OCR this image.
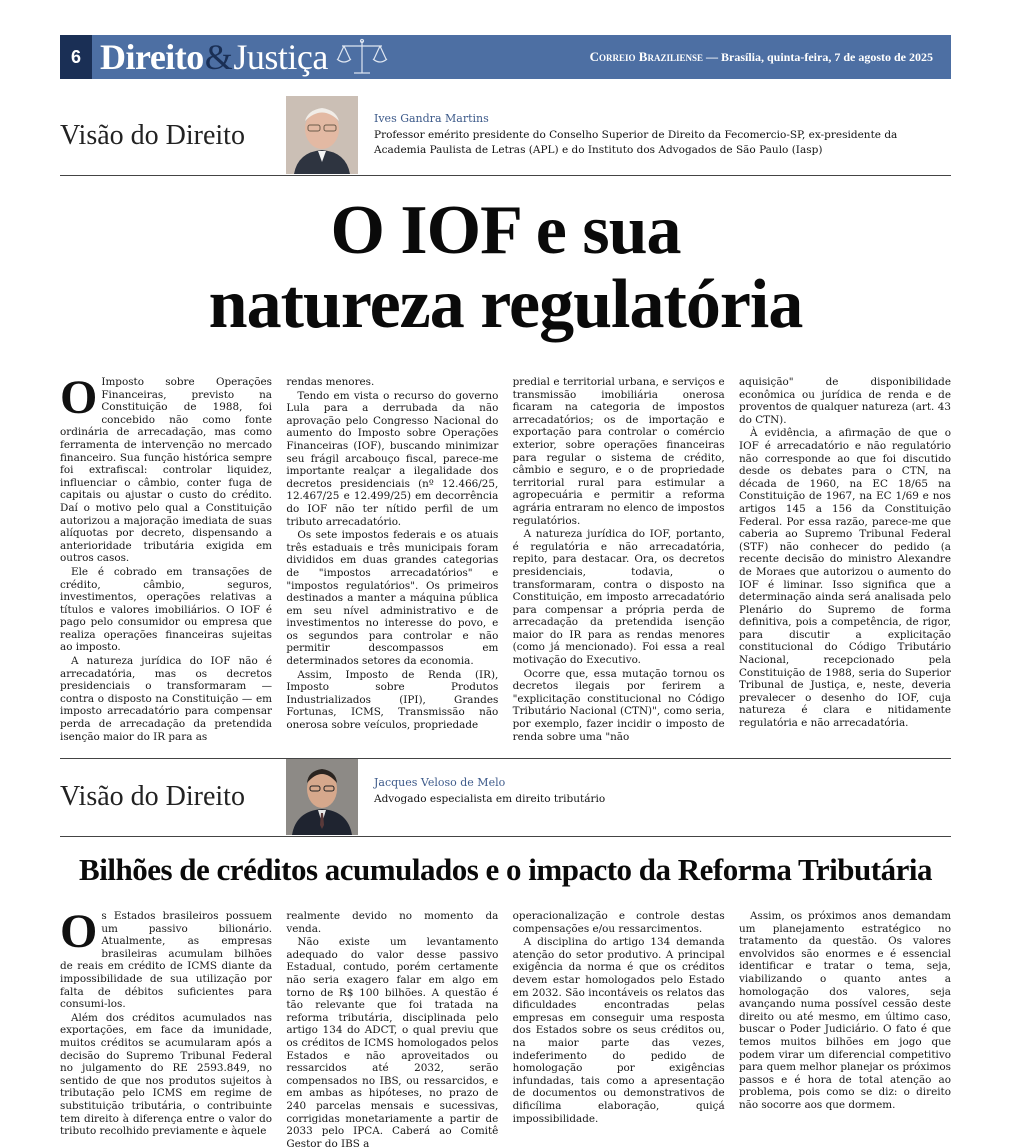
6 Direito & Justiça	Correio Braziliense — Brasília, quinta-feira, 7 de agosto de 2025
Visão do Direito
Ives Gandra Martins
Professor emérito presidente do Conselho Superior de Direito da Fecomercio-SP, ex-presidente da
Academia Paulista de Letras (APL) e do Instituto dos Advogados de São Paulo (Iasp)
O IOF e sua
natureza regulatória

O Imposto sobre Operações Financeiras, previsto na Constituição de 1988, foi concebido não como fonte ordinária de arrecadação, mas como ferramenta de intervenção no mercado financeiro. Sua função histórica sempre foi extrafiscal: controlar liquidez, influenciar o câmbio, conter fuga de capitais ou ajustar o custo do crédito. Daí o motivo pelo qual a Constituição autorizou a majoração imediata de suas alíquotas por decreto, dispensando a anterioridade tributária exigida em outros casos.

Ele é cobrado em transações de crédito, câmbio, seguros, investimentos, operações relativas a títulos e valores imobiliários. O IOF é pago pelo consumidor ou empresa que realiza operações financeiras sujeitas ao imposto.

A natureza jurídica do IOF não é arrecadatória, mas os decretos presidenciais o transformaram — contra o disposto na Constituição — em imposto arrecadatório para compensar perda de arrecadação da pretendida isenção maior do IR para as

rendas menores.

Tendo em vista o recurso do governo Lula para a derrubada da não aprovação pelo Congresso Nacional do aumento do Imposto sobre Operações Financeiras (IOF), buscando minimizar seu frágil arcabouço fiscal, parece-me importante realçar a ilegalidade dos decretos presidenciais (nº 12.466/25, 12.467/25 e 12.499/25) em decorrência do IOF não ter nítido perfil de um tributo arrecadatório.

Os sete impostos federais e os atuais três estaduais e três municipais foram divididos em duas grandes categorias de "impostos arrecadatórios" e "impostos regulatórios". Os primeiros destinados a manter a máquina pública em seu nível administrativo e de investimentos no interesse do povo, e os segundos para controlar e não permitir descompassos em determinados setores da economia.

Assim, Imposto de Renda (IR), Imposto sobre Produtos Industrializados (IPI), Grandes Fortunas, ICMS, Transmissão não onerosa sobre veículos, propriedade

predial e territorial urbana, e serviços e transmissão imobiliária onerosa ficaram na categoria de impostos arrecadatórios; os de importação e exportação para controlar o comércio exterior, sobre operações financeiras para regular o sistema de crédito, câmbio e seguro, e o de propriedade territorial rural para estimular a agropecuária e permitir a reforma agrária entraram no elenco de impostos regulatórios.

A natureza jurídica do IOF, portanto, é regulatória e não arrecadatória, repito, para destacar. Ora, os decretos presidenciais, todavia, o transformaram, contra o disposto na Constituição, em imposto arrecadatório para compensar a própria perda de arrecadação da pretendida isenção maior do IR para as rendas menores (como já mencionado). Foi essa a real motivação do Executivo.

Ocorre que, essa mutação tornou os decretos ilegais por ferirem a "explicitação constitucional no Código Tributário Nacional (CTN)", como seria, por exemplo, fazer incidir o imposto de renda sobre uma "não

aquisição" de disponibilidade econômica ou jurídica de renda e de proventos de qualquer natureza (art. 43 do CTN).

À evidência, a afirmação de que o IOF é arrecadatório e não regulatório não corresponde ao que foi discutido desde os debates para o CTN, na década de 1960, na EC 18/65 na Constituição de 1967, na EC 1/69 e nos artigos 145 a 156 da Constituição Federal. Por essa razão, parece-me que caberia ao Supremo Tribunal Federal (STF) não conhecer do pedido (a recente decisão do ministro Alexandre de Moraes que autorizou o aumento do IOF é liminar. Isso significa que a determinação ainda será analisada pelo Plenário do Supremo de forma definitiva, pois a competência, de rigor, para discutir a explicitação constitucional do Código Tributário Nacional, recepcionado pela Constituição de 1988, seria do Superior Tribunal de Justiça, e, neste, deveria prevalecer o desenho do IOF, cuja natureza é clara e nitidamente regulatória e não arrecadatória.

Visão do Direito	Jacques Veloso de Melo
Advogado especialista em direito tributário
Bilhões de créditos acumulados e o impacto da Reforma Tributária

Os Estados brasileiros possuem um passivo bilionário. Atualmente, as empresas brasileiras acumulam bilhões de reais em crédito de ICMS diante da impossibilidade de sua utilização por falta de débitos suficientes para consumi-los.

Além dos créditos acumulados nas exportações, em face da imunidade, muitos créditos se acumularam após a decisão do Supremo Tribunal Federal no julgamento do RE 2593.849, no sentido de que nos produtos sujeitos à tributação pelo ICMS em regime de substituição tributária, o contribuinte tem direito à diferença entre o valor do tributo recolhido previamente e àquele

realmente devido no momento da venda.

Não existe um levantamento adequado do valor desse passivo Estadual, contudo, porém certamente não seria exagero falar em algo em torno de R$ 100 bilhões. A questão é tão relevante que foi tratada na reforma tributária, disciplinada pelo artigo 134 do ADCT, o qual previu que os créditos de ICMS homologados pelos Estados e não aproveitados ou ressarcidos até 2032, serão compensados no IBS, ou ressarcidos, e em ambas as hipóteses, no prazo de 240 parcelas mensais e sucessivas, corrigidas monetariamente a partir de 2033 pelo IPCA. Caberá ao Comitê Gestor do IBS a

operacionalização e controle destas compensações e/ou ressarcimentos.

A disciplina do artigo 134 demanda atenção do setor produtivo. A principal exigência da norma é que os créditos devem estar homologados pelo Estado em 2032. São incontáveis os relatos das dificuldades encontradas pelas empresas em conseguir uma resposta dos Estados sobre os seus créditos ou, na maior parte das vezes, indeferimento do pedido de homologação por exigências infundadas, tais como a apresentação de documentos ou demonstrativos de dificílima elaboração, quiçá impossibilidade.

Assim, os próximos anos demandam um planejamento estratégico no tratamento da questão. Os valores envolvidos são enormes e é essencial identificar e tratar o tema, seja, viabilizando o quanto antes a homologação dos valores, seja avançando numa possível cessão deste direito ou até mesmo, em último caso, buscar o Poder Judiciário. O fato é que temos muitos bilhões em jogo que podem virar um diferencial competitivo para quem melhor planejar os próximos passos e é hora de total atenção ao problema, pois como se diz: o direito não socorre aos que dormem.
